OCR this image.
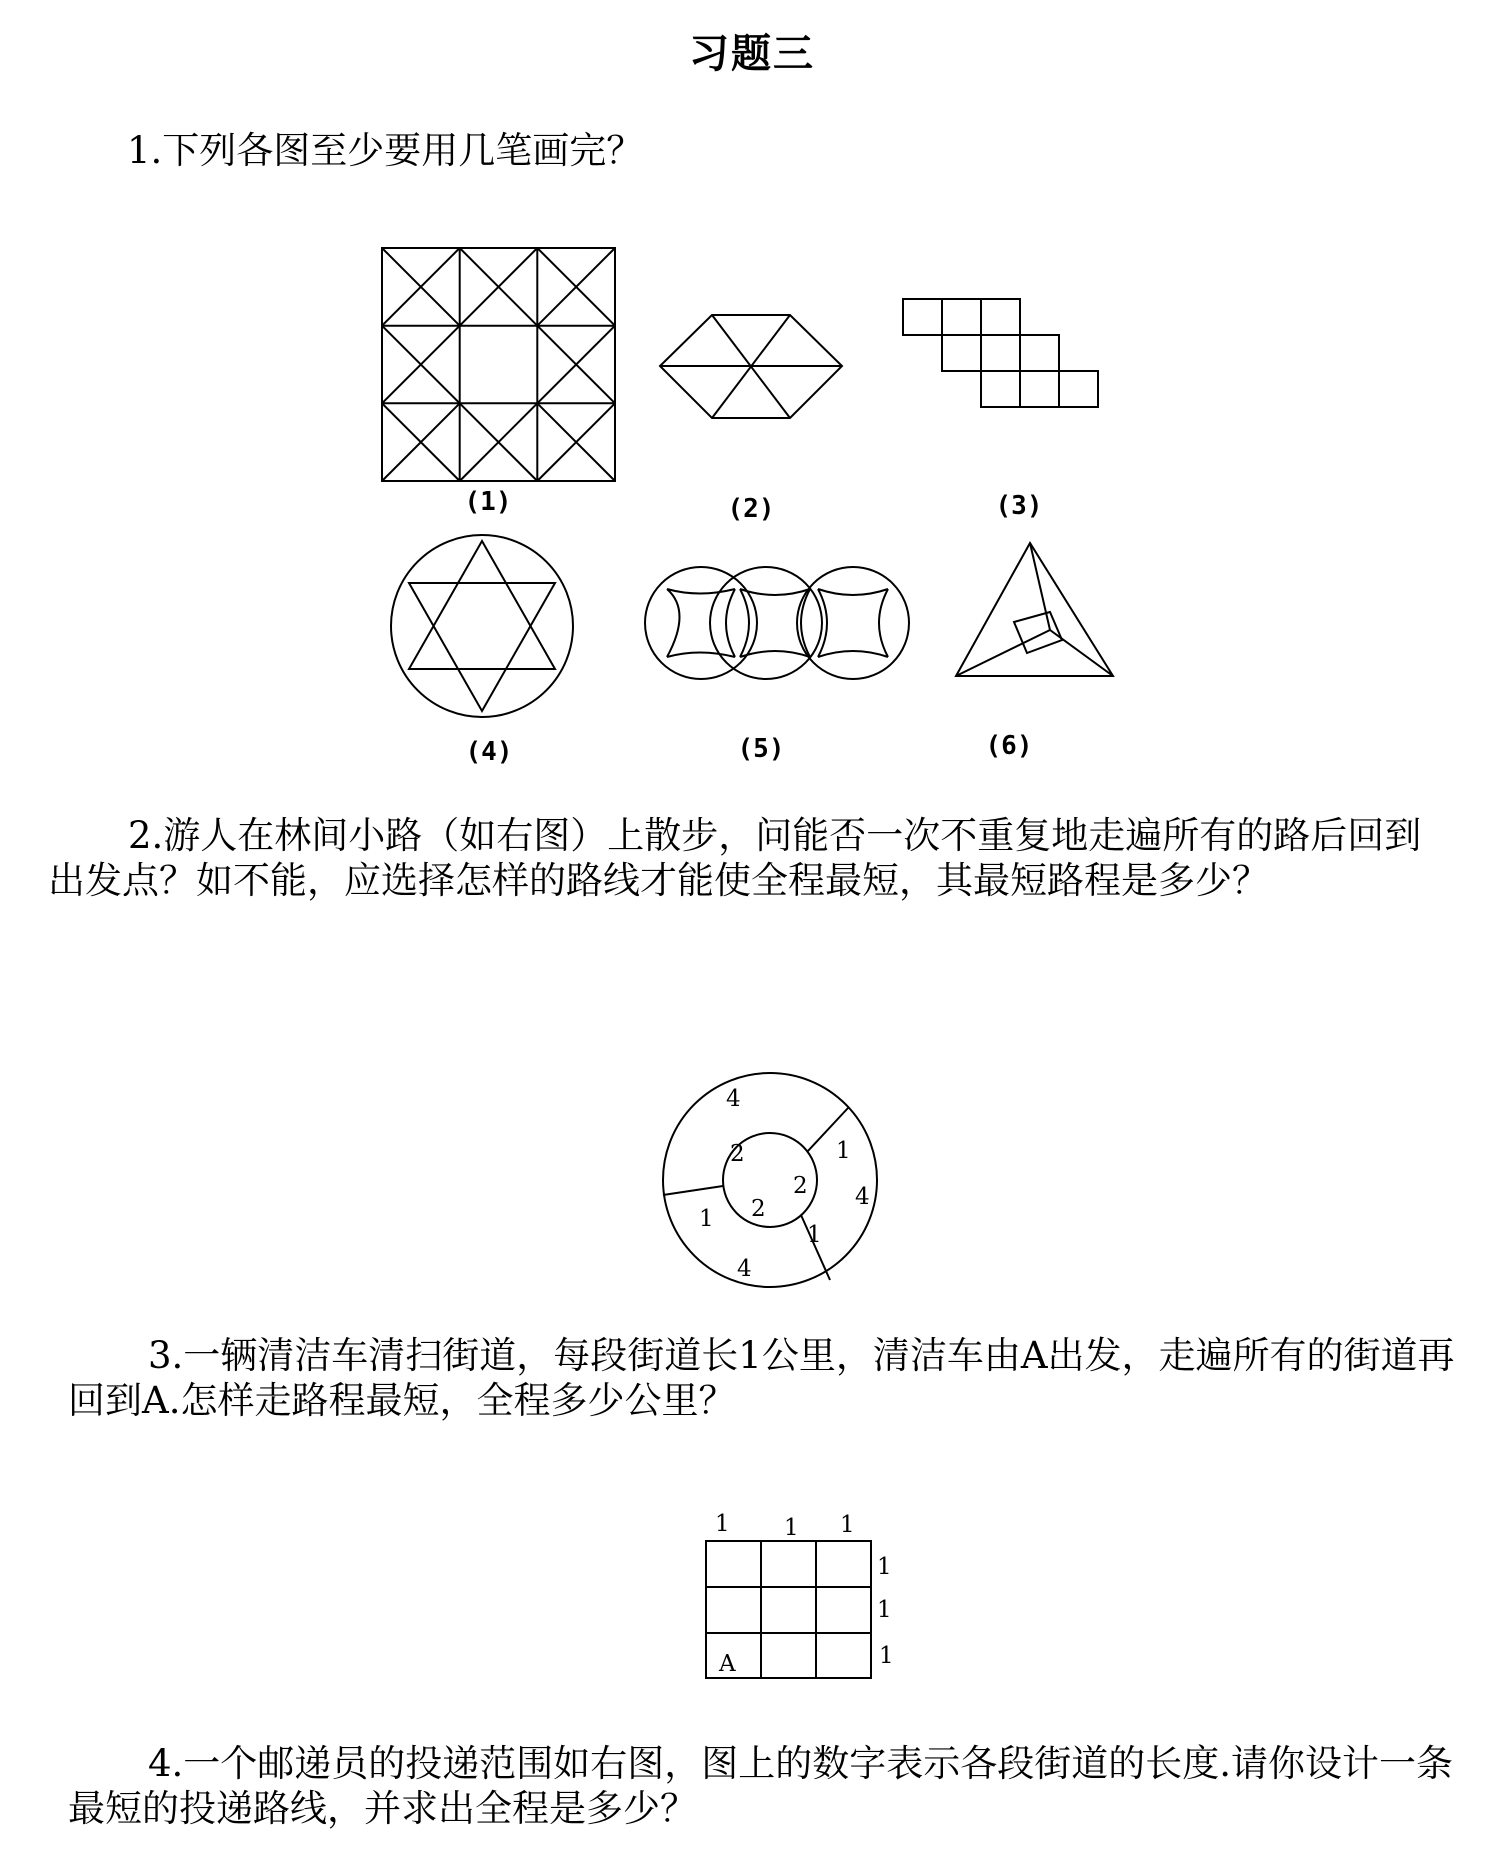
习题三

1.下列各图至少要用几笔画完？

(1)	(2)	(3)
(4)	(5)	(6)
4
2	1
2
2	4
1
1
4
1 1 1
1
1
1
A

2.游人在林间小路（如右图）上散步，问能否一次不重复地走遍所有的路后回到出发点？如不能，应选择怎样的路线才能使全程最短，其最短路程是多少？

3.一辆清洁车清扫街道，每段街道长1公里，清洁车由A出发，走遍所有的街道再回到A.怎样走路程最短，全程多少公里？

4.一个邮递员的投递范围如右图，图上的数字表示各段街道的长度.请你设计一条最短的投递路线，并求出全程是多少？
